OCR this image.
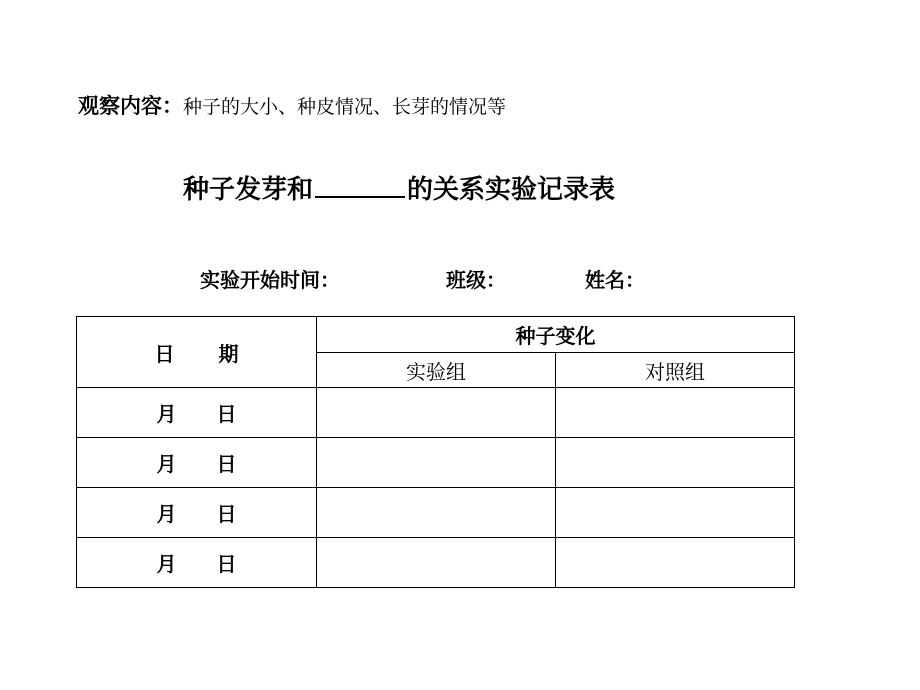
观察内容：种子的大小、种皮情况、长芽的情况等
种子发芽和	的关系实验记录表
实验开始时间：	班级：	姓名：
日 期	种子变化	
	实验组	对照组
月 日		
月 日		
月 日		
月 日		
